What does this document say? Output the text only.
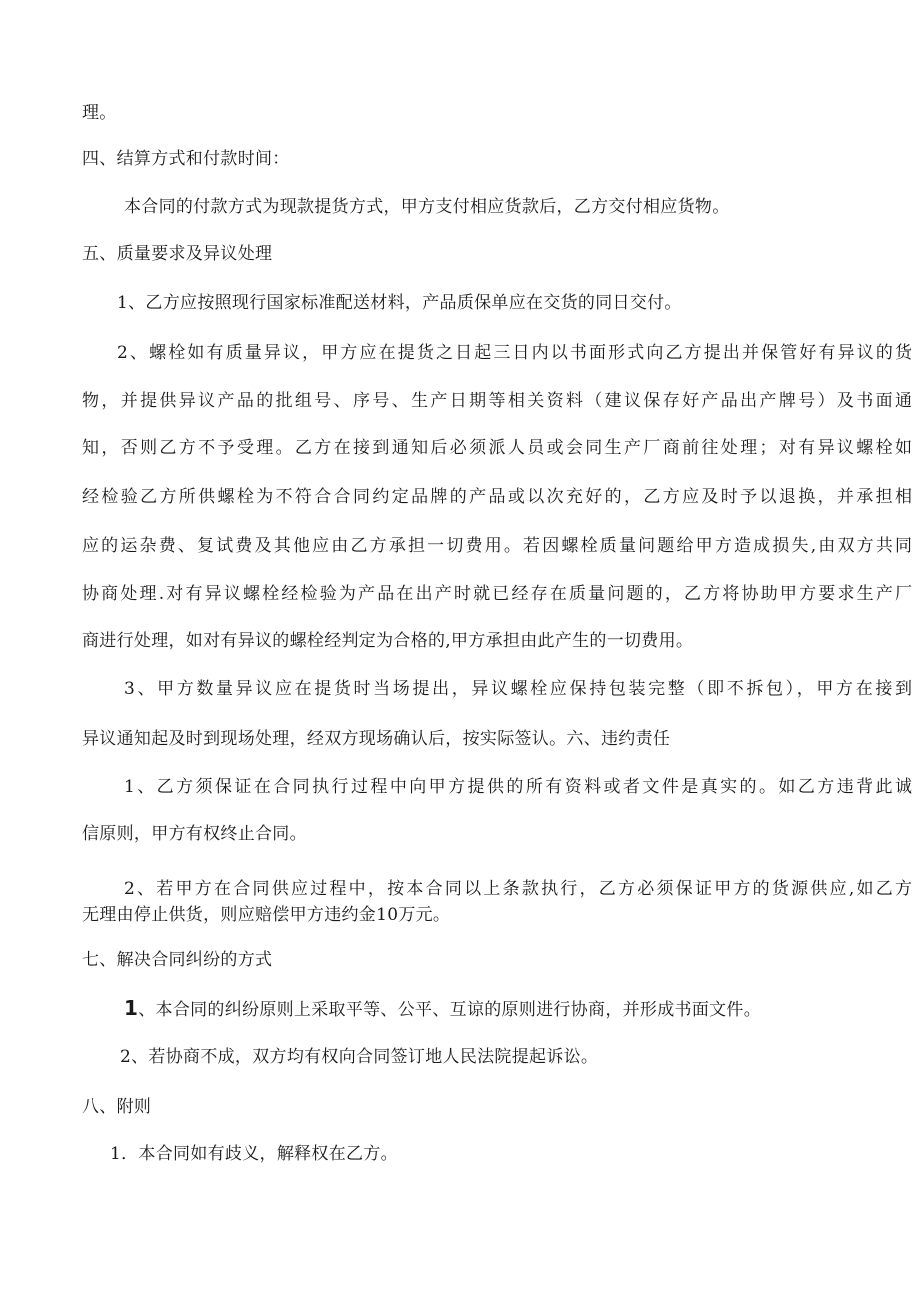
理。
四、结算方式和付款时间：
本合同的付款方式为现款提货方式，甲方支付相应货款后，乙方交付相应货物。
五、质量要求及异议处理
1、乙方应按照现行国家标准配送材料，产品质保单应在交货的同日交付。
2、螺栓如有质量异议，甲方应在提货之日起三日内以书面形式向乙方提出并保管好有异议的货
物，并提供异议产品的批组号、序号、生产日期等相关资料（建议保存好产品出产牌号）及书面通
知，否则乙方不予受理。乙方在接到通知后必须派人员或会同生产厂商前往处理；对有异议螺栓如
经检验乙方所供螺栓为不符合合同约定品牌的产品或以次充好的，乙方应及时予以退换，并承担相
应的运杂费、复试费及其他应由乙方承担一切费用。若因螺栓质量问题给甲方造成损失,由双方共同
协商处理.对有异议螺栓经检验为产品在出产时就已经存在质量问题的，乙方将协助甲方要求生产厂
商进行处理，如对有异议的螺栓经判定为合格的,甲方承担由此产生的一切费用。
3、甲方数量异议应在提货时当场提出，异议螺栓应保持包装完整（即不拆包），甲方在接到
异议通知起及时到现场处理，经双方现场确认后，按实际签认。六、违约责任
1、乙方须保证在合同执行过程中向甲方提供的所有资料或者文件是真实的。如乙方违背此诚
信原则，甲方有权终止合同。
2、若甲方在合同供应过程中，按本合同以上条款执行，乙方必须保证甲方的货源供应,如乙方
无理由停止供货，则应赔偿甲方违约金10万元。
七、解决合同纠纷的方式
1、本合同的纠纷原则上采取平等、公平、互谅的原则进行协商，并形成书面文件。
2、若协商不成，双方均有权向合同签订地人民法院提起诉讼。
八、附则
1．本合同如有歧义，解释权在乙方。
